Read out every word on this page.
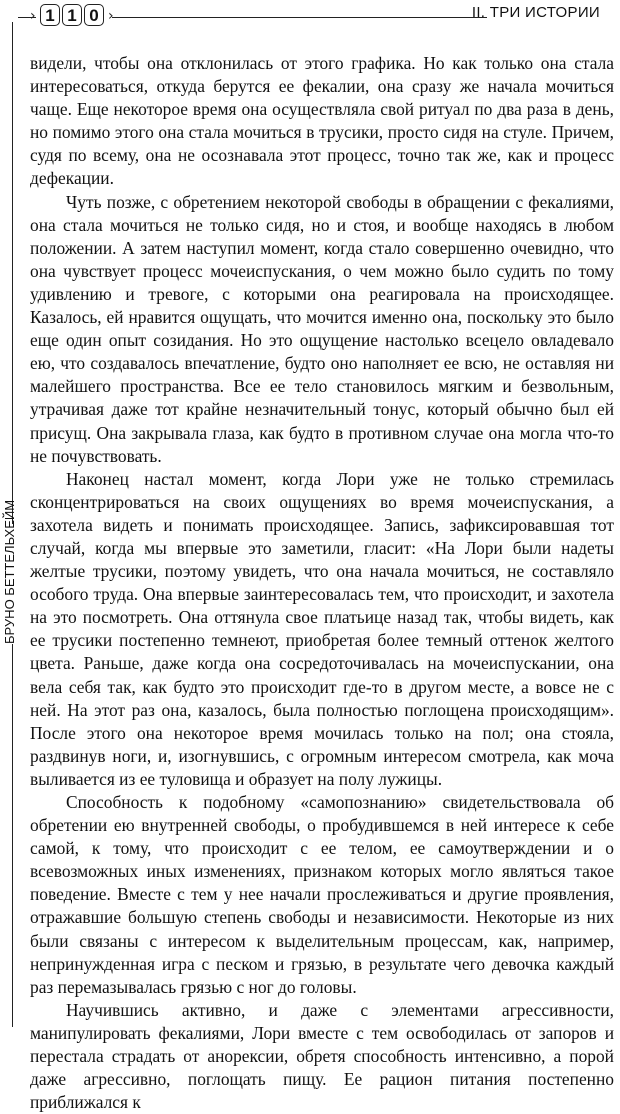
› 1 1 0 ›	II. ТРИ ИСТОРИИ
БРУНО БЕТТЕЛЬХЕЙМ

видели, чтобы она отклонилась от этого графика. Но как только она стала интересоваться, откуда берутся ее фекалии, она сразу же начала мочиться чаще. Еще некоторое время она осуществляла свой ритуал по два раза в день, но помимо этого она стала мочиться в трусики, просто сидя на стуле. Причем, судя по всему, она не осознавала этот процесс, точно так же, как и процесс дефекации.

Чуть позже, с обретением некоторой свободы в обращении с фекалиями, она стала мочиться не только сидя, но и стоя, и вообще находясь в любом положении. А затем наступил момент, когда стало совершенно очевидно, что она чувствует процесс мочеиспускания, о чем можно было судить по тому удивлению и тревоге, с которыми она реагировала на происходящее. Казалось, ей нравится ощущать, что мочится именно она, поскольку это было еще один опыт созидания. Но это ощущение настолько всецело овладевало ею, что создавалось впечатление, будто оно наполняет ее всю, не оставляя ни малейшего пространства. Все ее тело становилось мягким и безвольным, утрачивая даже тот крайне незначительный тонус, который обычно был ей присущ. Она закрывала глаза, как будто в противном случае она могла что-то не почувствовать.

Наконец настал момент, когда Лори уже не только стремилась сконцентрироваться на своих ощущениях во время мочеиспускания, а захотела видеть и понимать происходящее. Запись, зафиксировавшая тот случай, когда мы впервые это заметили, гласит: «На Лори были надеты желтые трусики, поэтому увидеть, что она начала мочиться, не составляло особого труда. Она впервые заинтересовалась тем, что происходит, и захотела на это посмотреть. Она оттянула свое платьице назад так, чтобы видеть, как ее трусики постепенно темнеют, приобретая более темный оттенок желтого цвета. Раньше, даже когда она сосредоточивалась на мочеиспускании, она вела себя так, как будто это происходит где-то в другом месте, а вовсе не с ней. На этот раз она, казалось, была полностью поглощена происходящим». После этого она некоторое время мочилась только на пол; она стояла, раздвинув ноги, и, изогнувшись, с огромным интересом смотрела, как моча выливается из ее туловища и образует на полу лужицы.

Способность к подобному «самопознанию» свидетельствовала об обретении ею внутренней свободы, о пробудившемся в ней интересе к себе самой, к тому, что происходит с ее телом, ее самоутверждении и о всевозможных иных изменениях, признаком которых могло являться такое поведение. Вместе с тем у нее начали прослеживаться и другие проявления, отражавшие большую степень свободы и независимости. Некоторые из них были связаны с интересом к выделительным процессам, как, например, непринужденная игра с песком и грязью, в результате чего девочка каждый раз перемазывалась грязью с ног до головы.

Научившись активно, и даже с элементами агрессивности, манипулировать фекалиями, Лори вместе с тем освободилась от запоров и перестала страдать от анорексии, обретя способность интенсивно, а порой даже агрессивно, поглощать пищу. Ее рацион питания постепенно приближался к
